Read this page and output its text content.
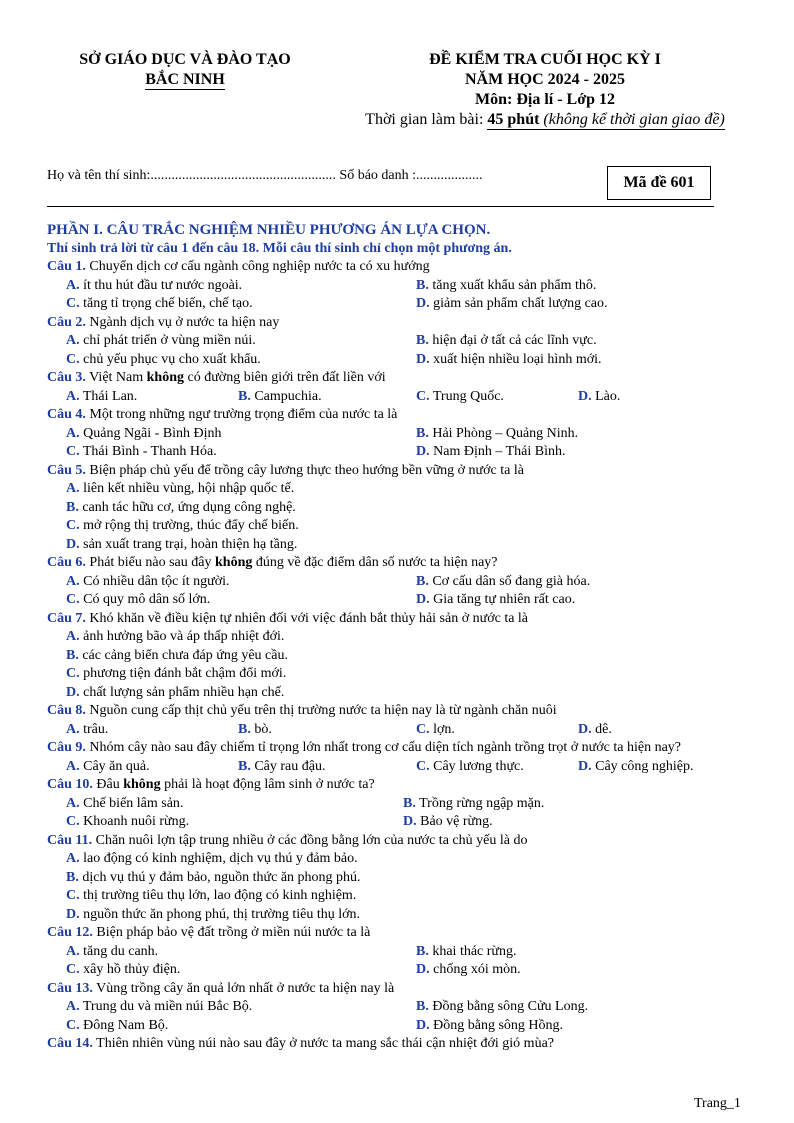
SỞ GIÁO DỤC VÀ ĐÀO TẠO
BẮC NINH
ĐỀ KIỂM TRA CUỐI HỌC KỲ I
NĂM HỌC 2024 - 2025
Môn: Địa lí - Lớp 12
Thời gian làm bài: 45 phút (không kể thời gian giao đề)
Họ và tên thí sinh:..................................................... Số báo danh :...................	Mã đề 601
PHẦN I. CÂU TRẮC NGHIỆM NHIỀU PHƯƠNG ÁN LỰA CHỌN.
Thí sinh trả lời từ câu 1 đến câu 18. Mỗi câu thí sinh chỉ chọn một phương án.
Câu 1. Chuyển dịch cơ cấu ngành công nghiệp nước ta có xu hướng
A. ít thu hút đầu tư nước ngoài.	B. tăng xuất khẩu sản phẩm thô.
C. tăng tỉ trọng chế biến, chế tạo.	D. giảm sản phẩm chất lượng cao.
Câu 2. Ngành dịch vụ ở nước ta hiện nay
A. chỉ phát triển ở vùng miền núi.	B. hiện đại ở tất cả các lĩnh vực.
C. chủ yếu phục vụ cho xuất khẩu.	D. xuất hiện nhiều loại hình mới.
Câu 3. Việt Nam không có đường biên giới trên đất liền với
A. Thái Lan.	B. Campuchia.	C. Trung Quốc.	D. Lào.
Câu 4. Một trong những ngư trường trọng điểm của nước ta là
A. Quảng Ngãi - Bình Định	B. Hải Phòng – Quảng Ninh.
C. Thái Bình - Thanh Hóa.	D. Nam Định – Thái Bình.
Câu 5. Biện pháp chủ yếu để trồng cây lương thực theo hướng bền vững ở nước ta là
A. liên kết nhiều vùng, hội nhập quốc tế.
B. canh tác hữu cơ, ứng dụng công nghệ.
C. mở rộng thị trường, thúc đẩy chế biến.
D. sản xuất trang trại, hoàn thiện hạ tầng.
Câu 6. Phát biểu nào sau đây không đúng về đặc điểm dân số nước ta hiện nay?
A. Có nhiều dân tộc ít người.	B. Cơ cấu dân số đang già hóa.
C. Có quy mô dân số lớn.	D. Gia tăng tự nhiên rất cao.
Câu 7. Khó khăn về điều kiện tự nhiên đối với việc đánh bắt thủy hải sản ở nước ta là
A. ảnh hưởng bão và áp thấp nhiệt đới.
B. các cảng biển chưa đáp ứng yêu cầu.
C. phương tiện đánh bắt chậm đổi mới.
D. chất lượng sản phẩm nhiều hạn chế.
Câu 8. Nguồn cung cấp thịt chủ yếu trên thị trường nước ta hiện nay là từ ngành chăn nuôi
A. trâu.	B. bò.	C. lợn.	D. dê.
Câu 9. Nhóm cây nào sau đây chiếm tỉ trọng lớn nhất trong cơ cấu diện tích ngành trồng trọt ở nước ta hiện nay?
A. Cây ăn quả.	B. Cây rau đậu.	C. Cây lương thực.	D. Cây công nghiệp.
Câu 10. Đâu không phải là hoạt động lâm sinh ở nước ta?
A. Chế biến lâm sản.	B. Trồng rừng ngập mặn.
C. Khoanh nuôi rừng.	D. Bảo vệ rừng.
Câu 11. Chăn nuôi lợn tập trung nhiều ở các đồng bằng lớn của nước ta chủ yếu là do
A. lao động có kinh nghiệm, dịch vụ thú y đảm bảo.
B. dịch vụ thú y đảm bảo, nguồn thức ăn phong phú.
C. thị trường tiêu thụ lớn, lao động có kinh nghiệm.
D. nguồn thức ăn phong phú, thị trường tiêu thụ lớn.
Câu 12. Biện pháp bảo vệ đất trồng ở miền núi nước ta là
A. tăng du canh.	B. khai thác rừng.
C. xây hồ thủy điện.	D. chống xói mòn.
Câu 13. Vùng trồng cây ăn quả lớn nhất ở nước ta hiện nay là
A. Trung du và miền núi Bắc Bộ.	B. Đồng bằng sông Cửu Long.
C. Đông Nam Bộ.	D. Đồng bằng sông Hồng.
Câu 14. Thiên nhiên vùng núi nào sau đây ở nước ta mang sắc thái cận nhiệt đới gió mùa?
Trang_1
